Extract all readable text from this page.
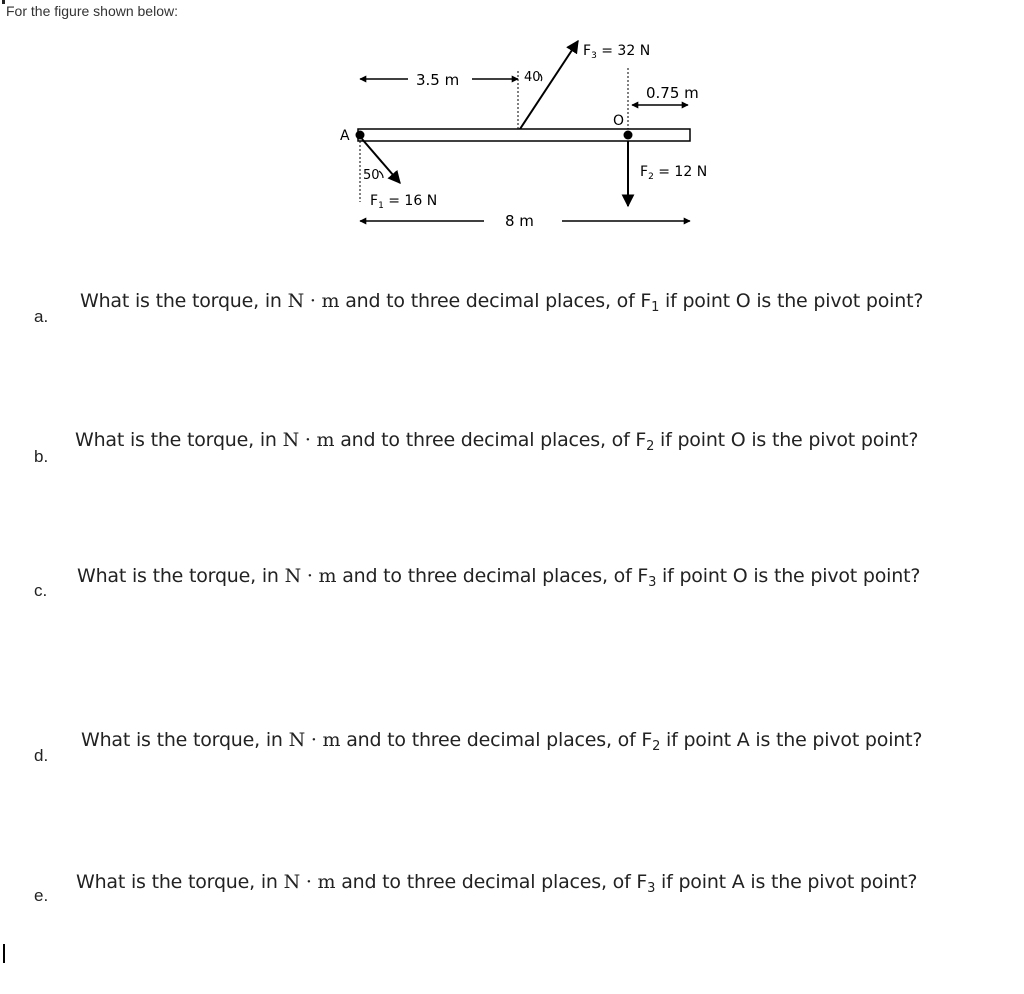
For the figure shown below:
A
O
3.5 m	40
$F_3 = 32$ N
0.75 m
$F_2 = 12$ N
50
$F_1 = 16$ N
8 m
a.
What is the torque, in N · m and to three decimal places, of $F_1$ if point O is the pivot point?
b.
What is the torque, in N · m and to three decimal places, of $F_2$ if point O is the pivot point?
c.
What is the torque, in N · m and to three decimal places, of $F_3$ if point O is the pivot point?
d.
What is the torque, in N · m and to three decimal places, of $F_2$ if point A is the pivot point?
e.
What is the torque, in N · m and to three decimal places, of $F_3$ if point A is the pivot point?
